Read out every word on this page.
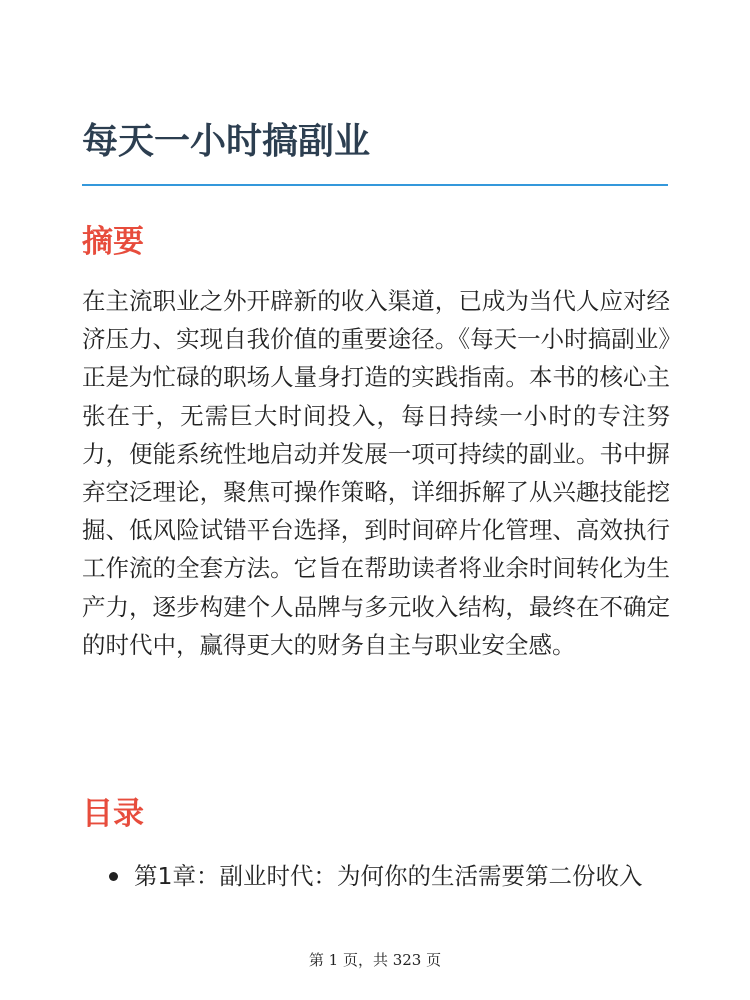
每天一小时搞副业
摘要

在主流职业之外开辟新的收入渠道，已成为当代人应对经济压力、实现自我价值的重要途径。《每天一小时搞副业》正是为忙碌的职场人量身打造的实践指南。本书的核心主张在于，无需巨大时间投入，每日持续一小时的专注努力，便能系统性地启动并发展一项可持续的副业。书中摒弃空泛理论，聚焦可操作策略，详细拆解了从兴趣技能挖掘、低风险试错平台选择，到时间碎片化管理、高效执行工作流的全套方法。它旨在帮助读者将业余时间转化为生产力，逐步构建个人品牌与多元收入结构，最终在不确定的时代中，赢得更大的财务自主与职业安全感。

目录
第1章：副业时代：为何你的生活需要第二份收入
第 1 页，共 323 页
